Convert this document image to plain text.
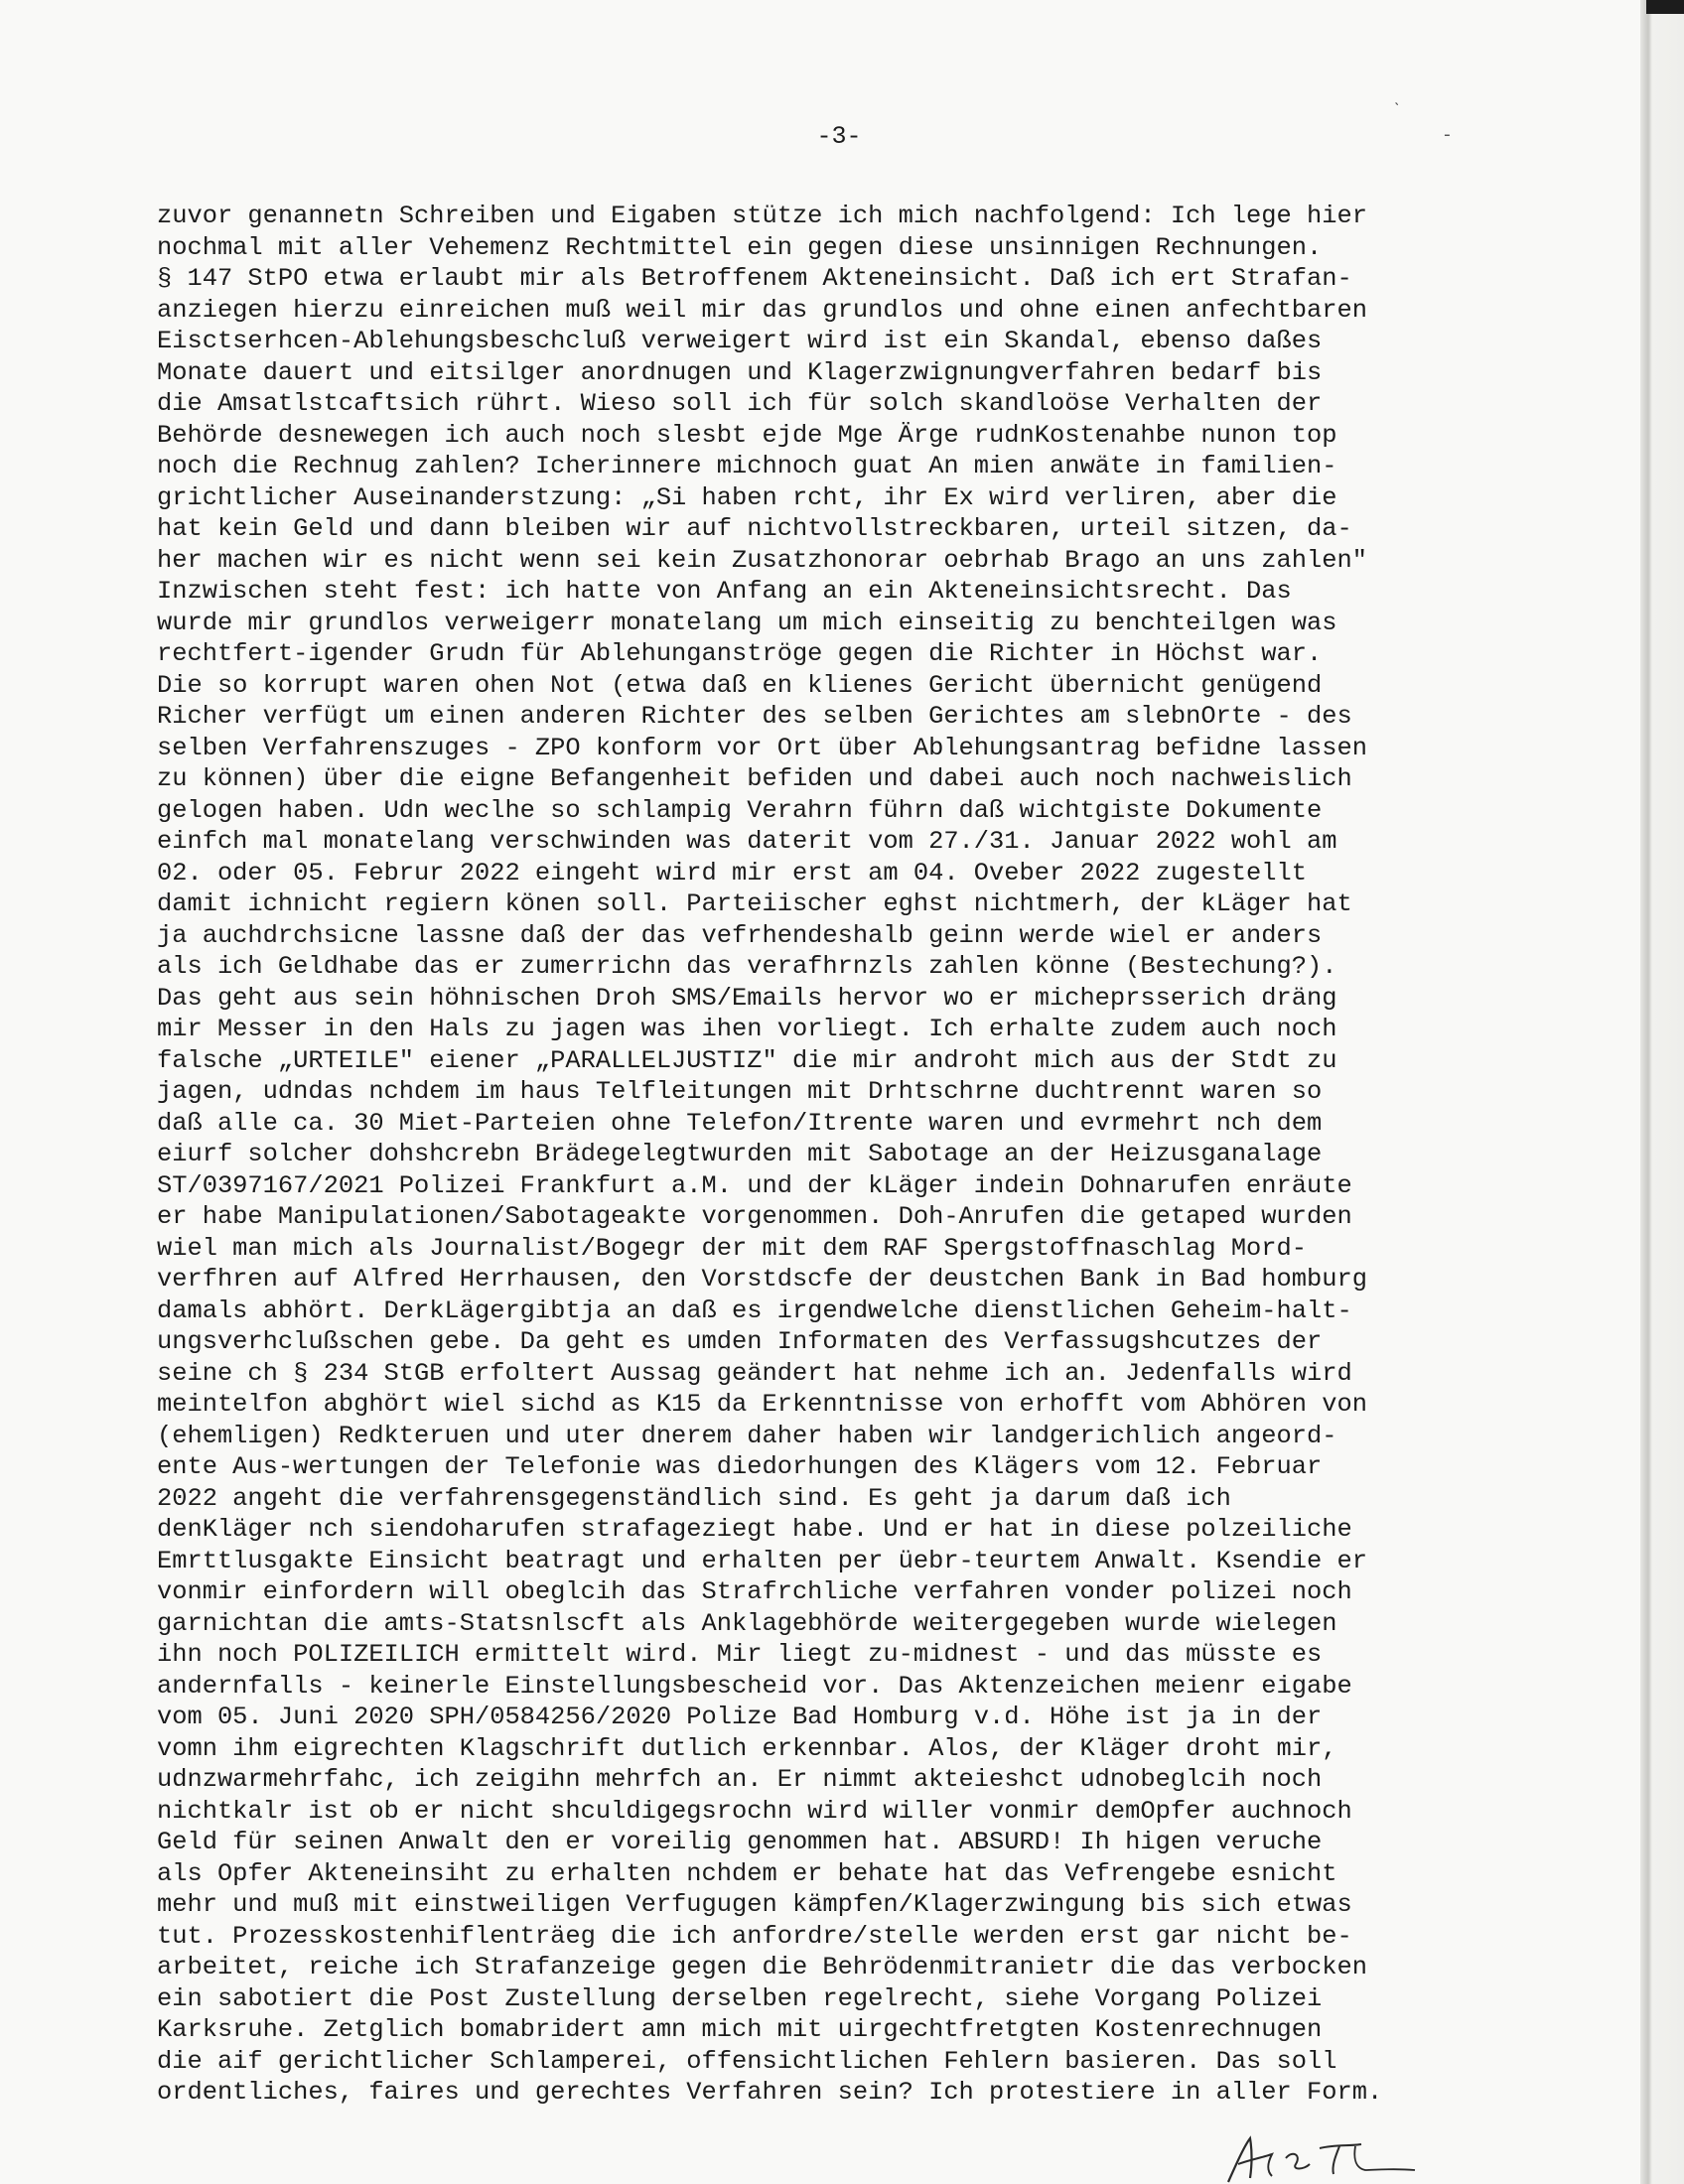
-3-

ˋ
-
zuvor genannetn Schreiben und Eigaben stütze ich mich nachfolgend: Ich lege hier
nochmal mit aller Vehemenz Rechtmittel ein gegen diese unsinnigen Rechnungen.
§ 147 StPO etwa erlaubt mir als Betroffenem Akteneinsicht. Daß ich ert Strafan-
anziegen hierzu einreichen muß weil mir das grundlos und ohne einen anfechtbaren
Eisctserhcen-Ablehungsbeschcluß verweigert wird ist ein Skandal, ebenso daßes
Monate dauert und eitsilger anordnugen und Klagerzwignungverfahren bedarf bis
die Amsatlstcaftsich rührt. Wieso soll ich für solch skandloöse Verhalten der
Behörde desnewegen ich auch noch slesbt ejde Mge Ärge rudnKostenahbe nunon top
noch die Rechnug zahlen? Icherinnere michnoch guat An mien anwäte in familien-
grichtlicher Auseinanderstzung: „Si haben rcht, ihr Ex wird verliren, aber die
hat kein Geld und dann bleiben wir auf nichtvollstreckbaren, urteil sitzen, da-
her machen wir es nicht wenn sei kein Zusatzhonorar oebrhab Brago an uns zahlen"
Inzwischen steht fest: ich hatte von Anfang an ein Akteneinsichtsrecht. Das
wurde mir grundlos verweigerr monatelang um mich einseitig zu benchteilgen was
rechtfert-igender Grudn für Ablehunganströge gegen die Richter in Höchst war.
Die so korrupt waren ohen Not (etwa daß en klienes Gericht übernicht genügend
Richer verfügt um einen anderen Richter des selben Gerichtes am slebnOrte - des
selben Verfahrenszuges - ZPO konform vor Ort über Ablehungsantrag befidne lassen
zu können) über die eigne Befangenheit befiden und dabei auch noch nachweislich
gelogen haben. Udn weclhe so schlampig Verahrn führn daß wichtgiste Dokumente
einfch mal monatelang verschwinden was daterit vom 27./31. Januar 2022 wohl am
02. oder 05. Februr 2022 eingeht wird mir erst am 04. Oveber 2022 zugestellt
damit ichnicht regiern könen soll. Parteiischer eghst nichtmerh, der kLäger hat
ja auchdrchsicne lassne daß der das vefrhendeshalb geinn werde wiel er anders
als ich Geldhabe das er zumerrichn das verafhrnzls zahlen könne (Bestechung?).
Das geht aus sein höhnischen Droh SMS/Emails hervor wo er micheprsserich dräng
mir Messer in den Hals zu jagen was ihen vorliegt. Ich erhalte zudem auch noch
falsche „URTEILE" eiener „PARALLELJUSTIZ" die mir androht mich aus der Stdt zu
jagen, udndas nchdem im haus Telfleitungen mit Drhtschrne duchtrennt waren so
daß alle ca. 30 Miet-Parteien ohne Telefon/Itrente waren und evrmehrt nch dem
eiurf solcher dohshcrebn Brädegelegtwurden mit Sabotage an der Heizusganalage
ST/0397167/2021 Polizei Frankfurt a.M. und der kLäger indein Dohnarufen enräute
er habe Manipulationen/Sabotageakte vorgenommen. Doh-Anrufen die getaped wurden
wiel man mich als Journalist/Bogegr der mit dem RAF Spergstoffnaschlag Mord-
verfhren auf Alfred Herrhausen, den Vorstdscfe der deustchen Bank in Bad homburg
damals abhört. DerkLägergibtja an daß es irgendwelche dienstlichen Geheim-halt-
ungsverhclußschen gebe. Da geht es umden Informaten des Verfassugshcutzes der
seine ch § 234 StGB erfoltert Aussag geändert hat nehme ich an. Jedenfalls wird
meintelfon abghört wiel sichd as K15 da Erkenntnisse von erhofft vom Abhören von
(ehemligen) Redkteruen und uter dnerem daher haben wir landgerichlich angeord-
ente Aus-wertungen der Telefonie was diedorhungen des Klägers vom 12. Februar
2022 angeht die verfahrensgegenständlich sind. Es geht ja darum daß ich
denKläger nch siendoharufen strafageziegt habe. Und er hat in diese polzeiliche
Emrttlusgakte Einsicht beatragt und erhalten per üebr-teurtem Anwalt. Ksendie er
vonmir einfordern will obeglcih das Strafrchliche verfahren vonder polizei noch
garnichtan die amts-Statsnlscft als Anklagebhörde weitergegeben wurde wielegen
ihn noch POLIZEILICH ermittelt wird. Mir liegt zu-midnest - und das müsste es
andernfalls - keinerle Einstellungsbescheid vor. Das Aktenzeichen meienr eigabe
vom 05. Juni 2020 SPH/0584256/2020 Polize Bad Homburg v.d. Höhe ist ja in der
vomn ihm eigrechten Klagschrift dutlich erkennbar. Alos, der Kläger droht mir,
udnzwarmehrfahc, ich zeigihn mehrfch an. Er nimmt akteieshct udnobeglcih noch
nichtkalr ist ob er nicht shculdigegsrochn wird willer vonmir demOpfer auchnoch
Geld für seinen Anwalt den er voreilig genommen hat. ABSURD! Ih higen veruche
als Opfer Akteneinsiht zu erhalten nchdem er behate hat das Vefrengebe esnicht
mehr und muß mit einstweiligen Verfugugen kämpfen/Klagerzwingung bis sich etwas
tut. Prozesskostenhiflenträeg die ich anfordre/stelle werden erst gar nicht be-
arbeitet, reiche ich Strafanzeige gegen die Behrödenmitranietr die das verbocken
ein sabotiert die Post Zustellung derselben regelrecht, siehe Vorgang Polizei
Karksruhe. Zetglich bomabridert amn mich mit uirgechtfretgten Kostenrechnugen
die aif gerichtlicher Schlamperei, offensichtlichen Fehlern basieren. Das soll
ordentliches, faires und gerechtes Verfahren sein? Ich protestiere in aller Form.
